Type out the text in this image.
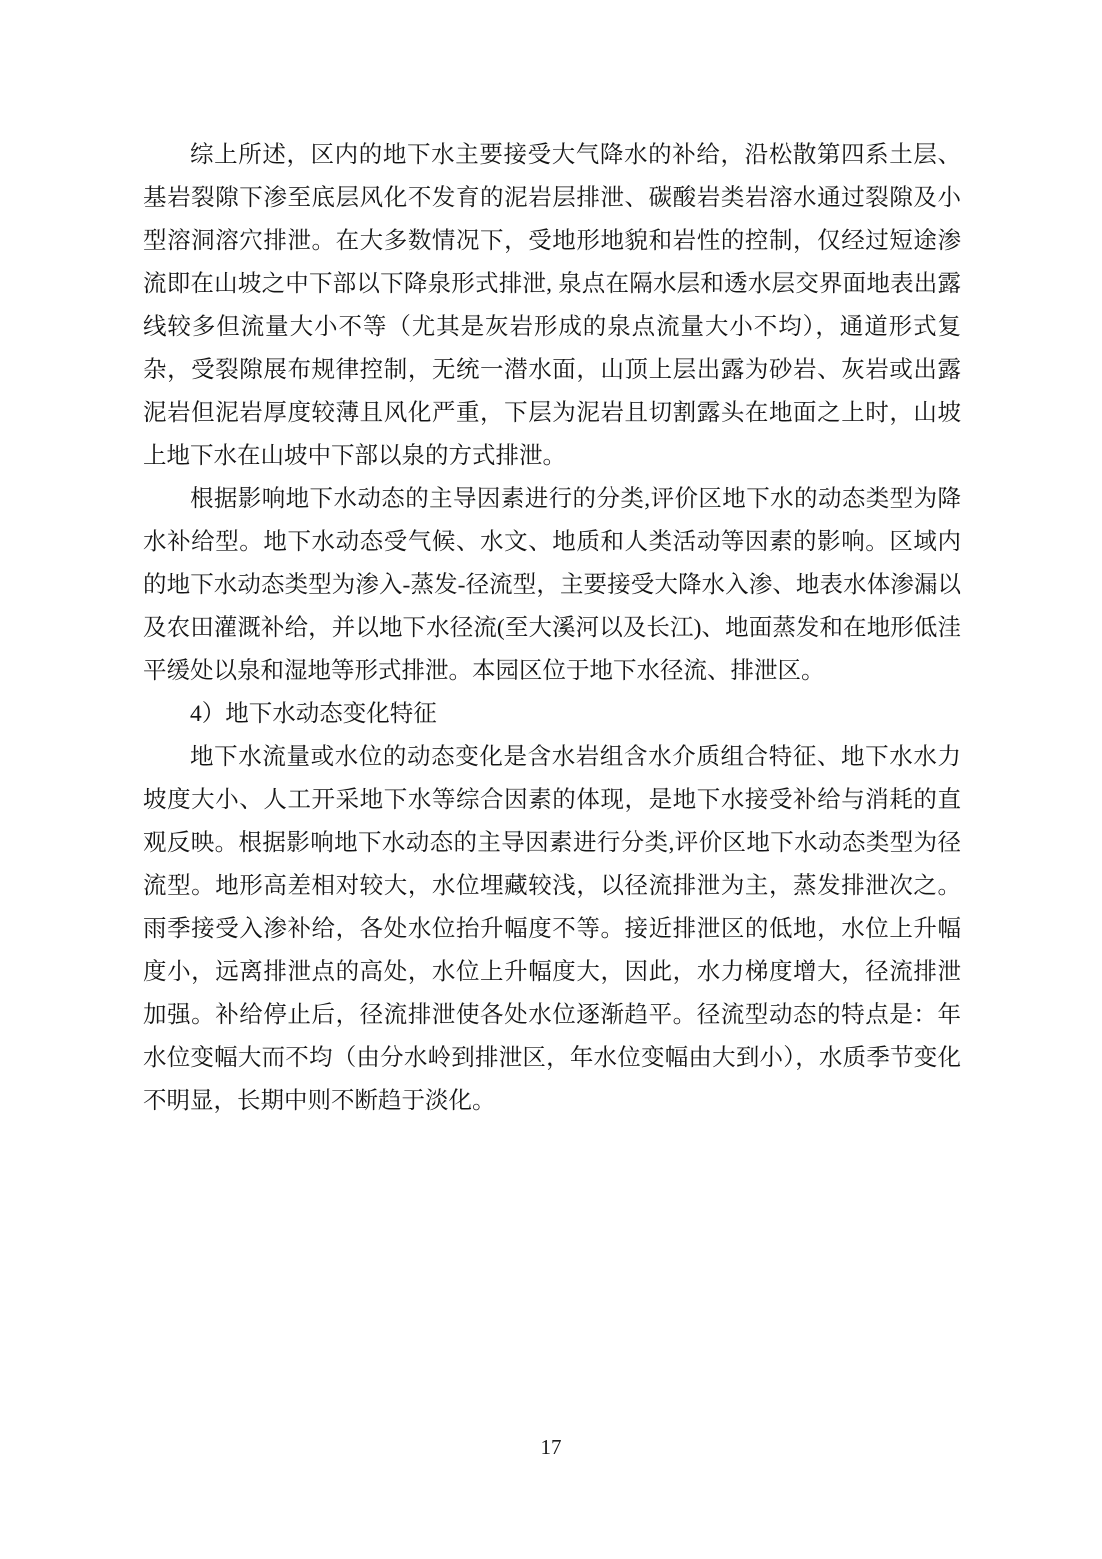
综上所述，区内的地下水主要接受大气降水的补给，沿松散第四系土层、基岩裂隙下渗至底层风化不发育的泥岩层排泄、碳酸岩类岩溶水通过裂隙及小型溶洞溶穴排泄。在大多数情况下，受地形地貌和岩性的控制，仅经过短途渗流即在山坡之中下部以下降泉形式排泄, 泉点在隔水层和透水层交界面地表出露线较多但流量大小不等（尤其是灰岩形成的泉点流量大小不均），通道形式复杂，受裂隙展布规律控制，无统一潜水面，山顶上层出露为砂岩、灰岩或出露泥岩但泥岩厚度较薄且风化严重，下层为泥岩且切割露头在地面之上时，山坡上地下水在山坡中下部以泉的方式排泄。

根据影响地下水动态的主导因素进行的分类,评价区地下水的动态类型为降水补给型。地下水动态受气候、水文、地质和人类活动等因素的影响。区域内的地下水动态类型为渗入-蒸发-径流型，主要接受大降水入渗、地表水体渗漏以及农田灌溉补给，并以地下水径流(至大溪河以及长江)、地面蒸发和在地形低洼平缓处以泉和湿地等形式排泄。本园区位于地下水径流、排泄区。

4）地下水动态变化特征

地下水流量或水位的动态变化是含水岩组含水介质组合特征、地下水水力坡度大小、人工开采地下水等综合因素的体现，是地下水接受补给与消耗的直观反映。根据影响地下水动态的主导因素进行分类,评价区地下水动态类型为径流型。地形高差相对较大，水位埋藏较浅，以径流排泄为主，蒸发排泄次之。雨季接受入渗补给，各处水位抬升幅度不等。接近排泄区的低地，水位上升幅度小，远离排泄点的高处，水位上升幅度大，因此，水力梯度增大，径流排泄加强。补给停止后，径流排泄使各处水位逐渐趋平。径流型动态的特点是：年水位变幅大而不均（由分水岭到排泄区，年水位变幅由大到小），水质季节变化不明显，长期中则不断趋于淡化。

17
